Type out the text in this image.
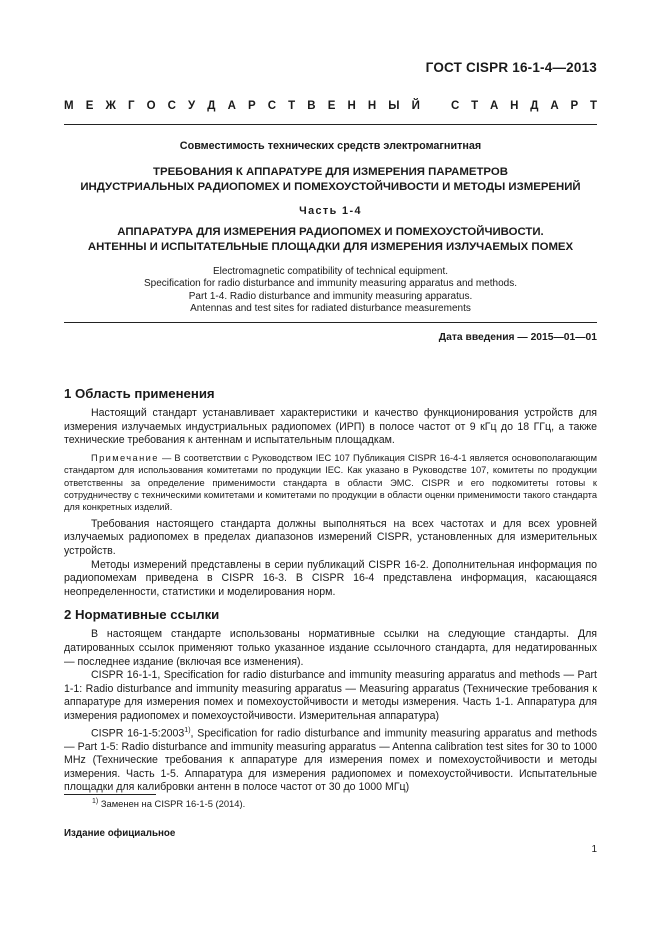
ГОСТ CISPR 16-1-4—2013
М Е Ж Г О С У Д А Р С Т В Е Н Н Ы Й	С Т А Н Д А Р Т
Совместимость технических средств электромагнитная
ТРЕБОВАНИЯ К АППАРАТУРЕ ДЛЯ ИЗМЕРЕНИЯ ПАРАМЕТРОВ
ИНДУСТРИАЛЬНЫХ РАДИОПОМЕХ И ПОМЕХОУСТОЙЧИВОСТИ И МЕТОДЫ ИЗМЕРЕНИЙ
Часть 1-4
АППАРАТУРА ДЛЯ ИЗМЕРЕНИЯ РАДИОПОМЕХ И ПОМЕХОУСТОЙЧИВОСТИ.
АНТЕННЫ И ИСПЫТАТЕЛЬНЫЕ ПЛОЩАДКИ ДЛЯ ИЗМЕРЕНИЯ ИЗЛУЧАЕМЫХ ПОМЕХ
Electromagnetic compatibility of technical equipment.
Specification for radio disturbance and immunity measuring apparatus and methods.
Part 1-4. Radio disturbance and immunity measuring apparatus.
Antennas and test sites for radiated disturbance measurements
Дата введения — 2015—01—01
1 Область применения

Настоящий стандарт устанавливает характеристики и качество функционирования устройств для измерения излучаемых индустриальных радиопомех (ИРП) в полосе частот от 9 кГц до 18 ГГц, а также технические требования к антеннам и испытательным площадкам.

Примечание — В соответствии с Руководством IEC 107 Публикация CISPR 16-4-1 является основополагающим стандартом для использования комитетами по продукции IEC. Как указано в Руководстве 107, комитеты по продукции ответственны за определение применимости стандарта в области ЭМС. CISPR и его подкомитеты готовы к сотрудничеству с техническими комитетами и комитетами по продукции в области оценки применимости такого стандарта для конкретных изделий.

Требования настоящего стандарта должны выполняться на всех частотах и для всех уровней излучаемых радиопомех в пределах диапазонов измерений CISPR, установленных для измерительных устройств.

Методы измерений представлены в серии публикаций CISPR 16-2. Дополнительная информация по радиопомехам приведена в CISPR 16-3. В CISPR 16-4 представлена информация, касающаяся неопределенности, статистики и моделирования норм.

2 Нормативные ссылки

В настоящем стандарте использованы нормативные ссылки на следующие стандарты. Для датированных ссылок применяют только указанное издание ссылочного стандарта, для недатированных — последнее издание (включая все изменения).

CISPR 16-1-1, Specification for radio disturbance and immunity measuring apparatus and methods — Part 1-1: Radio disturbance and immunity measuring apparatus — Measuring apparatus (Технические требования к аппаратуре для измерения помех и помехоустойчивости и методы измерения. Часть 1-1. Аппаратура для измерения радиопомех и помехоустойчивости. Измерительная аппаратура)

CISPR 16-1-5:2003$^{1)}$, Specification for radio disturbance and immunity measuring apparatus and methods — Part 1-5: Radio disturbance and immunity measuring apparatus — Antenna calibration test sites for 30 to 1000 MHz (Технические требования к аппаратуре для измерения помех и помехоустойчивости и методы измерения. Часть 1-5. Аппаратура для измерения радиопомех и помехоустойчивости. Испытательные площадки для калибровки антенн в полосе частот от 30 до 1000 МГц)

$^{1)}$ Заменен на CISPR 16-1-5 (2014).
Издание официальное
1
